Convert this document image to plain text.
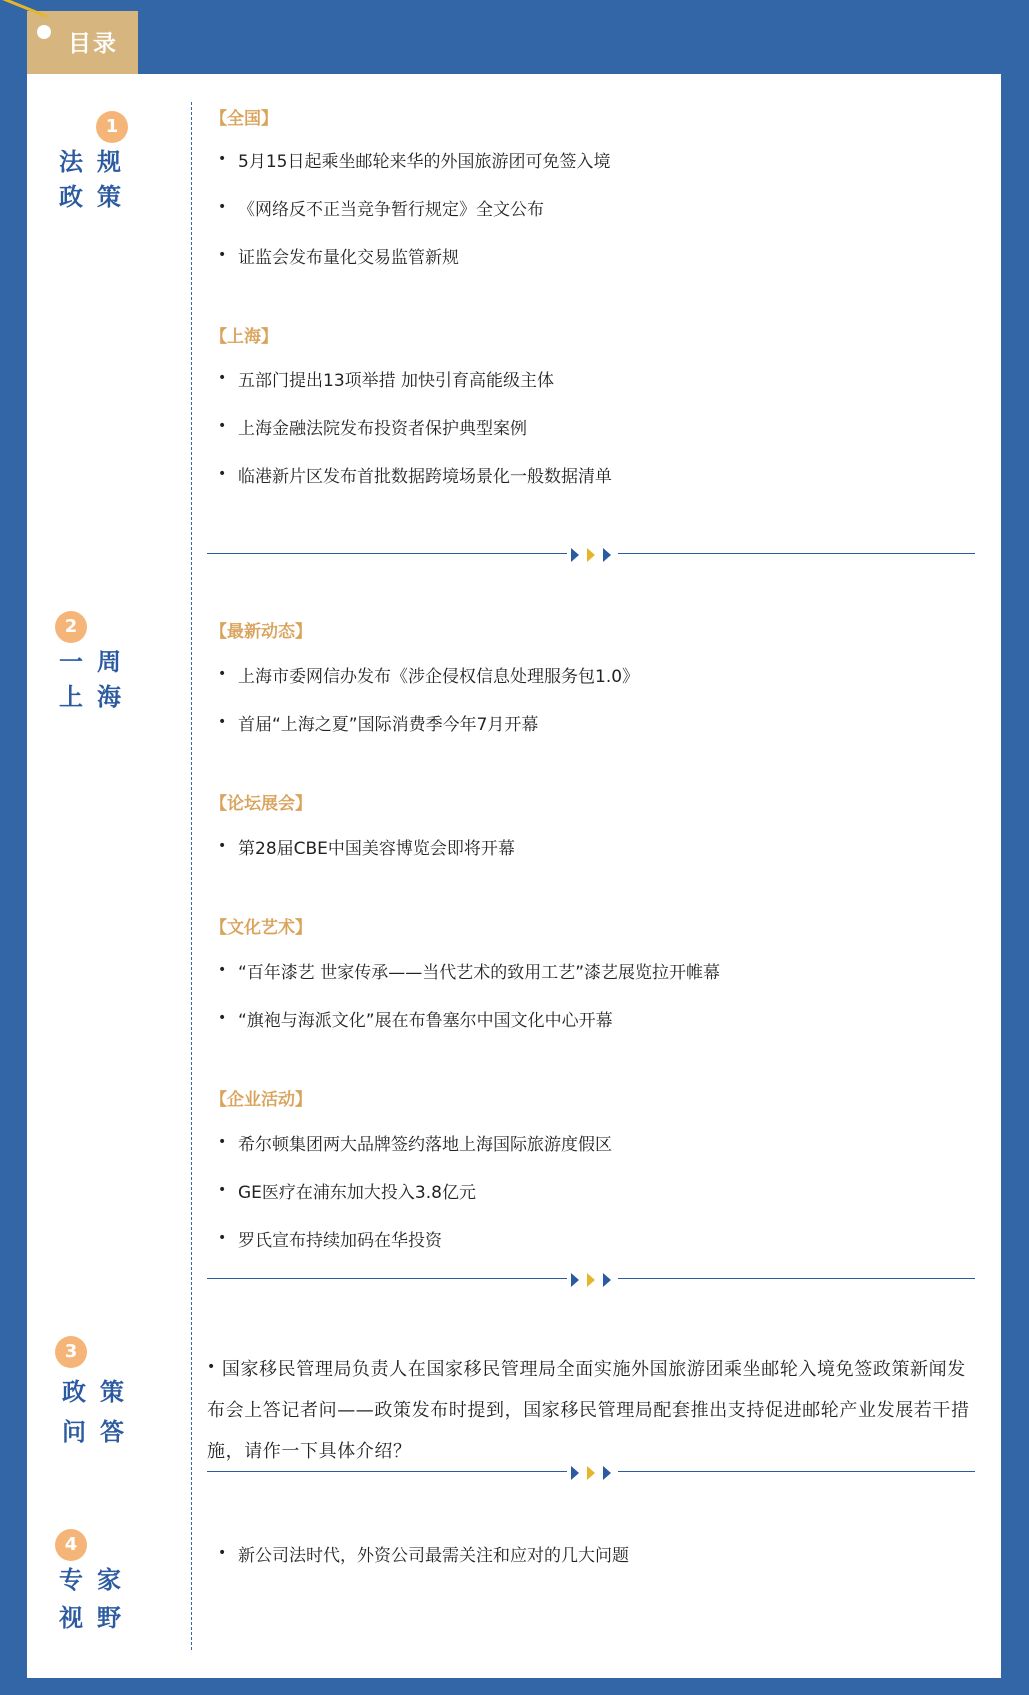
目录
1
法规
政策
【全国】
• 5月15日起乘坐邮轮来华的外国旅游团可免签入境
• 《网络反不正当竞争暂行规定》全文公布
• 证监会发布量化交易监管新规
【上海】
• 五部门提出13项举措 加快引育高能级主体
• 上海金融法院发布投资者保护典型案例
• 临港新片区发布首批数据跨境场景化一般数据清单
2
一周
上海
【最新动态】
• 上海市委网信办发布《涉企侵权信息处理服务包1.0》
• 首届“上海之夏”国际消费季今年7月开幕
【论坛展会】
• 第28届CBE中国美容博览会即将开幕
【文化艺术】
• “百年漆艺 世家传承——当代艺术的致用工艺”漆艺展览拉开帷幕
• “旗袍与海派文化”展在布鲁塞尔中国文化中心开幕
【企业活动】
• 希尔顿集团两大品牌签约落地上海国际旅游度假区
• GE医疗在浦东加大投入3.8亿元
• 罗氏宣布持续加码在华投资
3
政策
问答
• 国家移民管理局负责人在国家移民管理局全面实施外国旅游团乘坐邮轮入境免签政策新闻发布会上答记者问——政策发布时提到，国家移民管理局配套推出支持促进邮轮产业发展若干措施，请作一下具体介绍？
4
专家
视野
• 新公司法时代，外资公司最需关注和应对的几大问题
